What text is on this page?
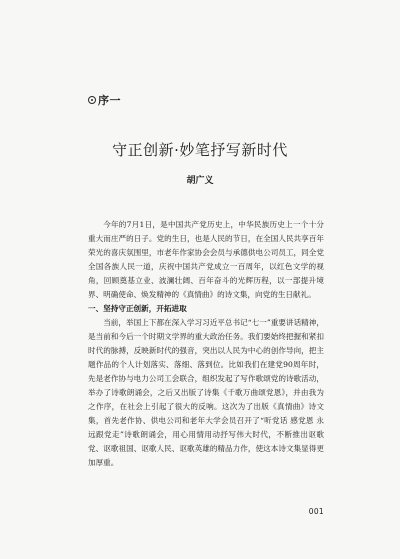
序一
守正创新·妙笔抒写新时代
胡广义

今年的7月1日，是中国共产党历史上，中华民族历史上一个十分重大而庄严的日子。党的生日，也是人民的节日，在全国人民共享百年荣光的喜庆氛围里，市老年作家协会会员与承德供电公司员工，同全党全国各族人民一道，庆祝中国共产党成立一百周年，以红色文学的视角，回顾奠基立业、波澜壮阔、百年奋斗的光辉历程，以一部提升境界、明确使命、焕发精神的《真情曲》的诗文集，向党的生日献礼。

一、坚持守正创新，开拓进取

当前，举国上下都在深入学习习近平总书记“七一”重要讲话精神，是当前和今后一个时期文学界的重大政治任务。我们要始终把握和紧扣时代的脉搏，反映新时代的强音，突出以人民为中心的创作导向，把主题作品的个人计划落实、落细、落到位。比如我们在建党90周年时，先是老作协与电力公司工会联合，组织发起了写作歌颂党的诗歌活动，举办了诗歌朗诵会，之后又出版了诗集《千歌万曲颂党恩》，并由我为之作序，在社会上引起了很大的反响。这次为了出版《真情曲》诗文集，首先老作协、供电公司和老年大学会员召开了“听党话 感党恩 永远跟党走”诗歌朗诵会，用心用情用动抒写伟大时代，不断推出讴歌党、讴歌祖国、讴歌人民、讴歌英雄的精品力作，使这本诗文集显得更加厚重。

001
